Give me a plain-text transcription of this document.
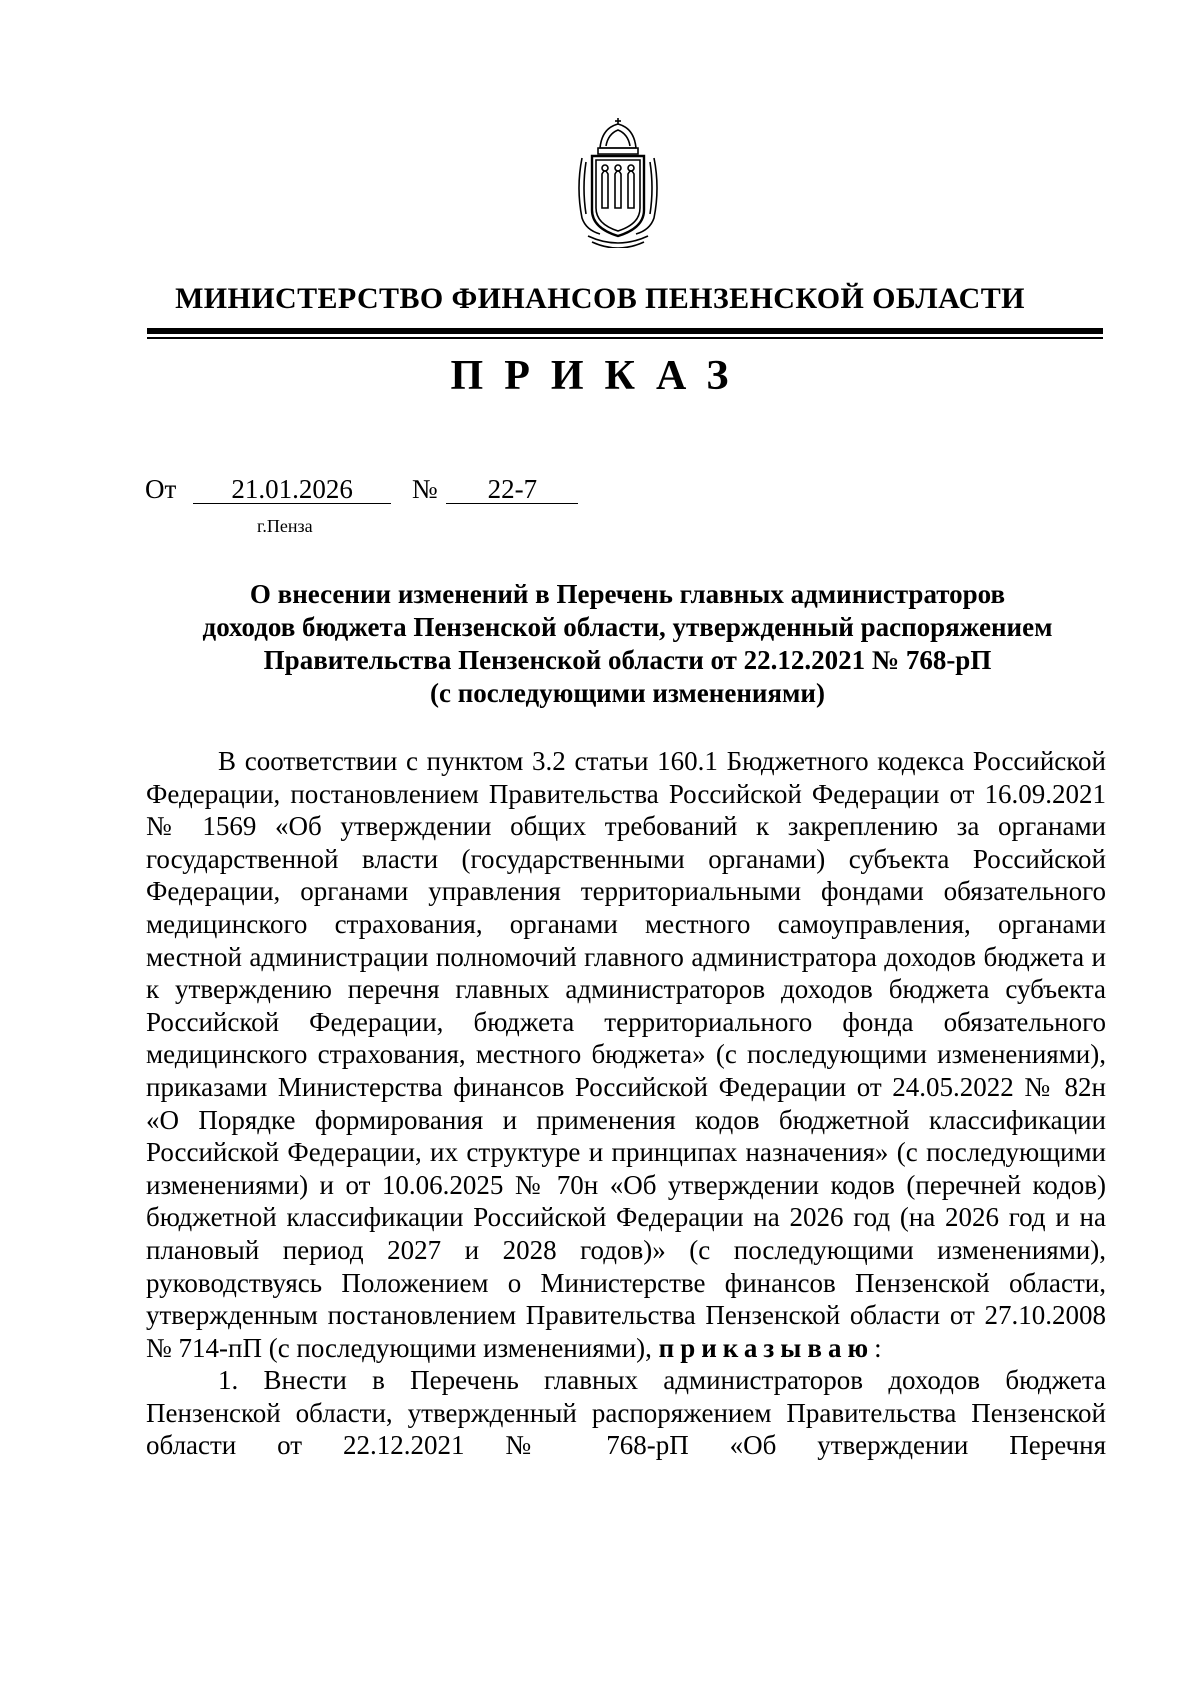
МИНИСТЕРСТВО ФИНАНСОВ ПЕНЗЕНСКОЙ ОБЛАСТИ
ПРИКАЗ
От 21.01.2026 № 22-7
г.Пенза
О внесении изменений в Перечень главных администраторов
доходов бюджета Пензенской области, утвержденный распоряжением
Правительства Пензенской области от 22.12.2021 № 768-рП
(с последующими изменениями)

В соответствии с пунктом 3.2 статьи 160.1 Бюджетного кодекса Российской Федерации, постановлением Правительства Российской Федерации от 16.09.2021 № 1569 «Об утверждении общих требований к закреплению за органами государственной власти (государственными органами) субъекта Российской Федерации, органами управления территориальными фондами обязательного медицинского страхования, органами местного самоуправления, органами местной администрации полномочий главного администратора доходов бюджета и к утверждению перечня главных администраторов доходов бюджета субъекта Российской Федерации, бюджета территориального фонда обязательного медицинского страхования, местного бюджета» (с последующими изменениями), приказами Министерства финансов Российской Федерации от 24.05.2022 № 82н «О Порядке формирования и применения кодов бюджетной классификации Российской Федерации, их структуре и принципах назначения» (с последующими изменениями) и от 10.06.2025 № 70н «Об утверждении кодов (перечней кодов) бюджетной классификации Российской Федерации на 2026 год (на 2026 год и на плановый период 2027 и 2028 годов)» (с последующими изменениями), руководствуясь Положением о Министерстве финансов Пензенской области, утвержденным постановлением Правительства Пензенской области от 27.10.2008 № 714-пП (с последующими изменениями), приказываю:

1. Внести в Перечень главных администраторов доходов бюджета Пензенской области, утвержденный распоряжением Правительства Пензенской области от 22.12.2021 № 768-рП «Об утверждении Перечня
